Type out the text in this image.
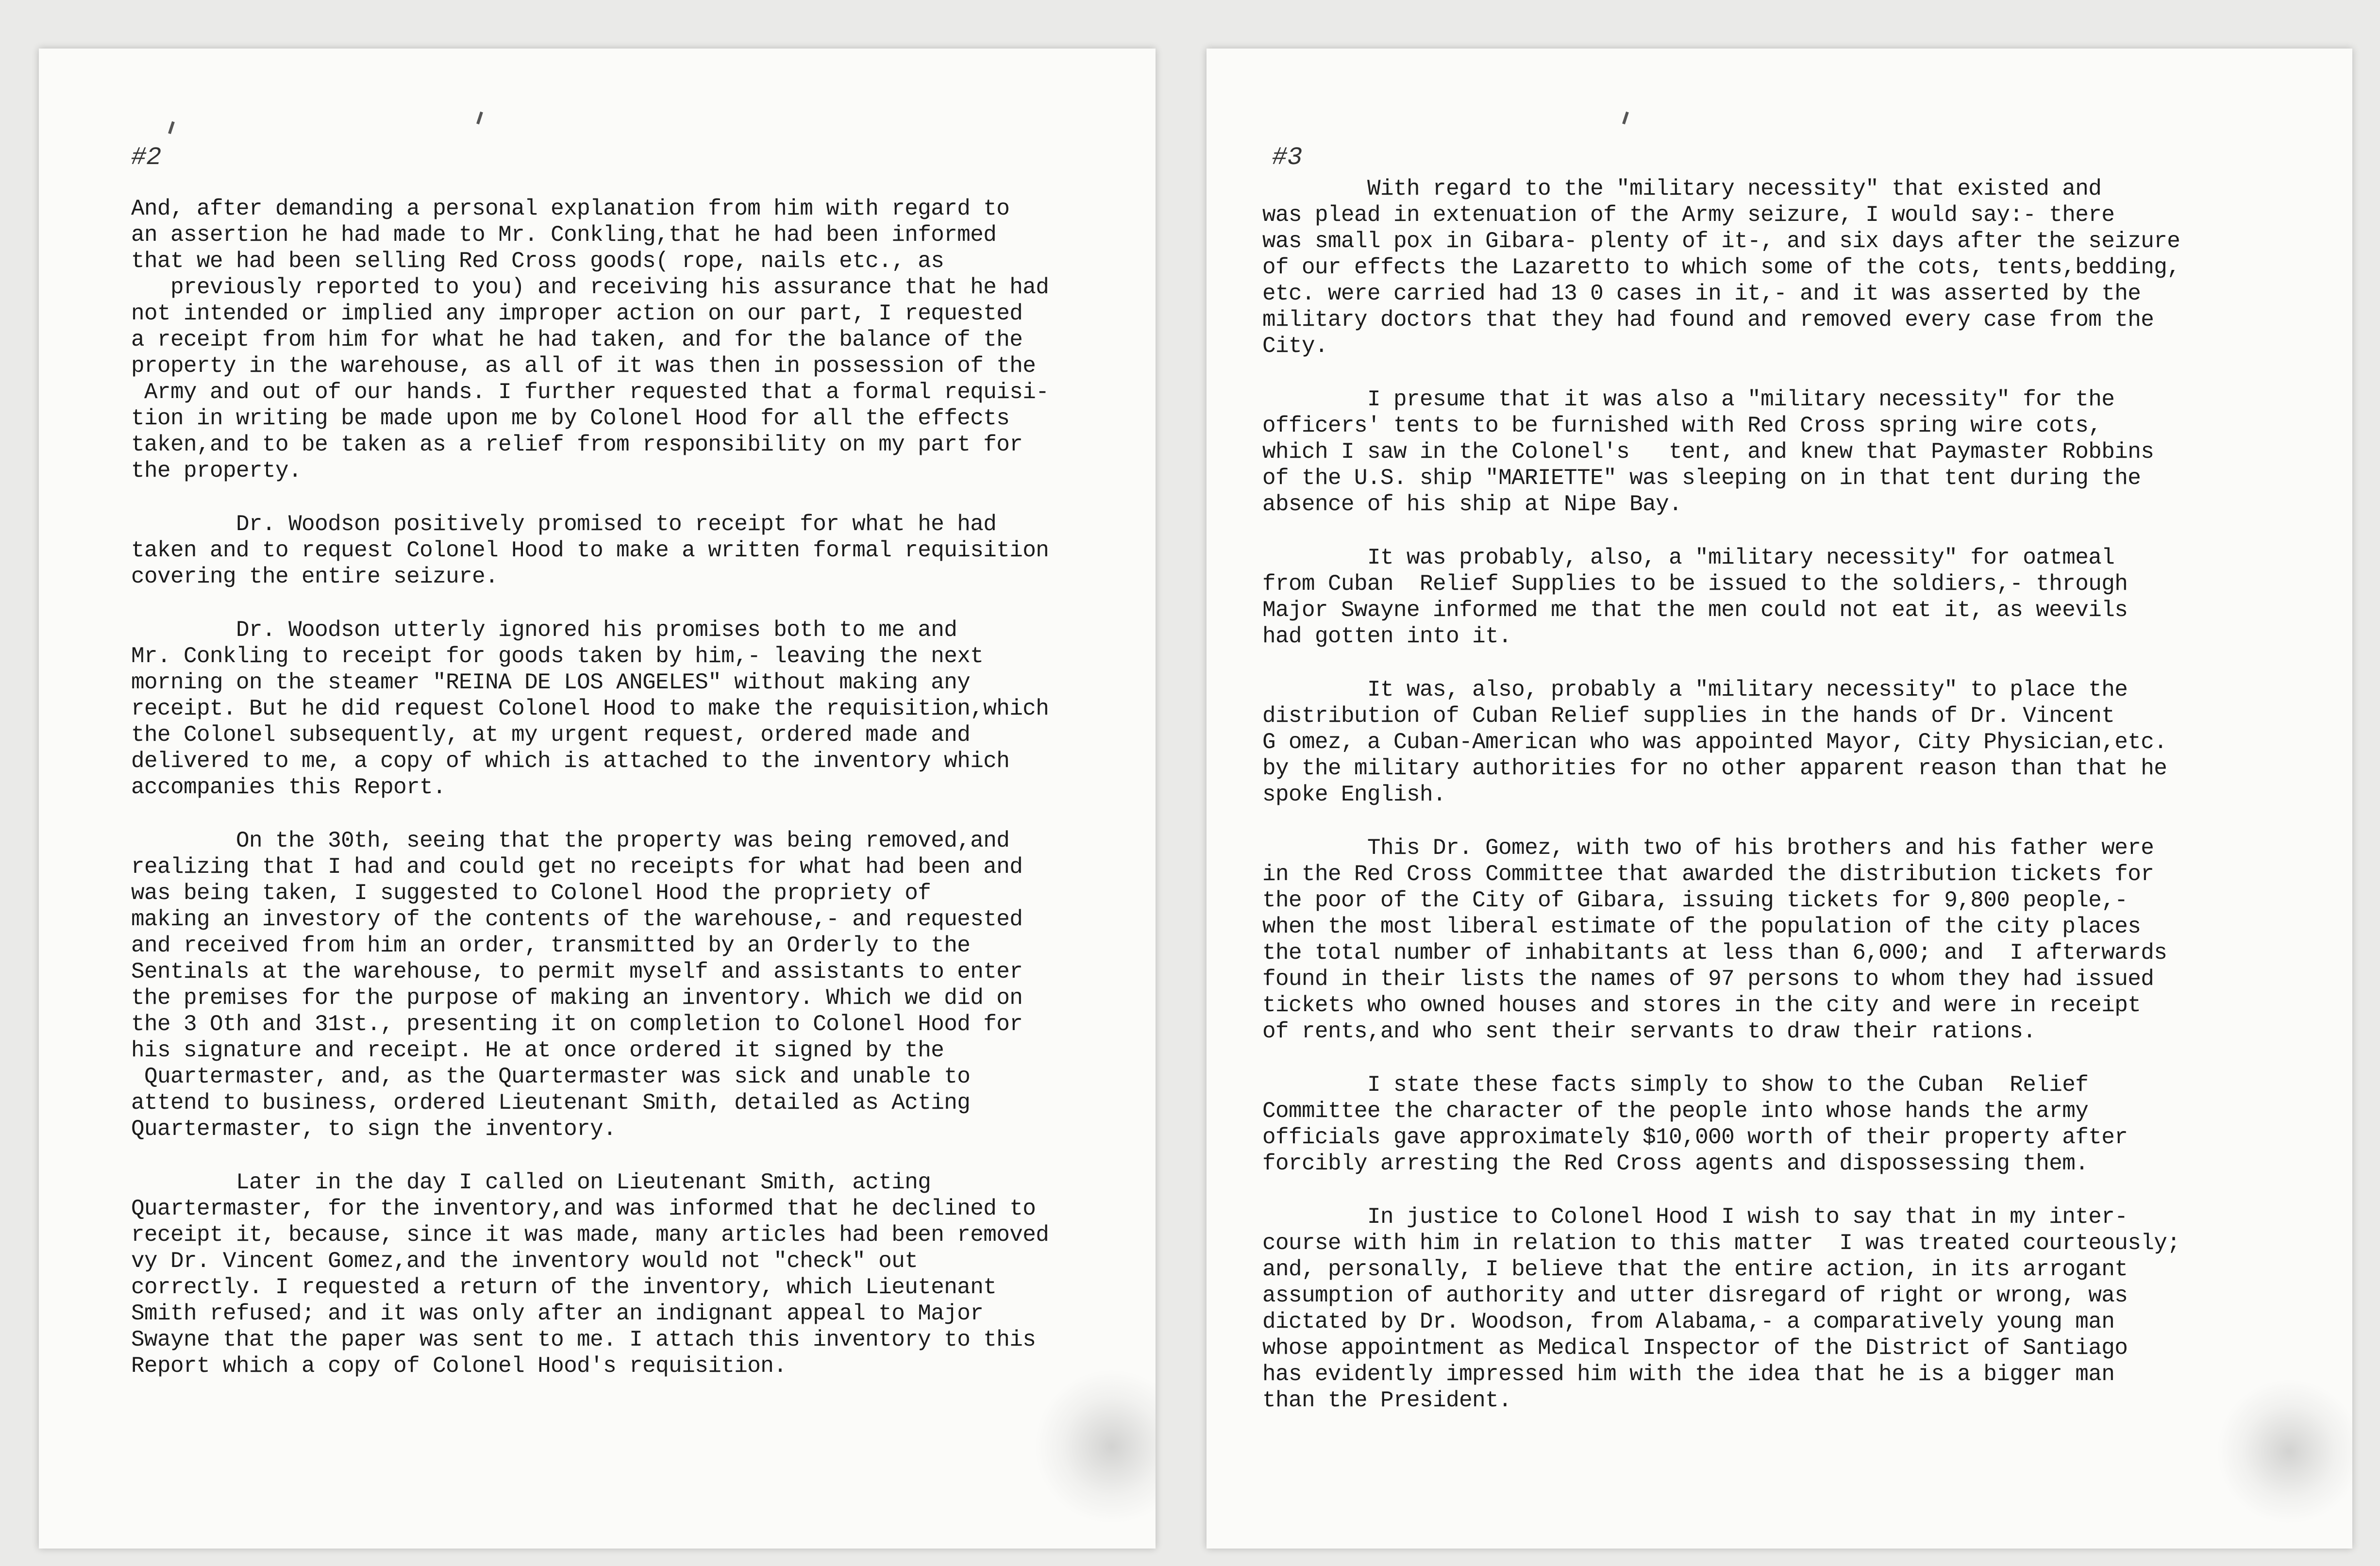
#2
And, after demanding a personal explanation from him with regard to
an assertion he had made to Mr. Conkling,that he had been informed
that we had been selling Red Cross goods( rope, nails etc., as
previously reported to you) and receiving his assurance that he had
not intended or implied any improper action on our part, I requested
a receipt from him for what he had taken, and for the balance of the
property in the warehouse, as all of it was then in possession of the
Army and out of our hands. I further requested that a formal requisi-
tion in writing be made upon me by Colonel Hood for all the effects
taken,and to be taken as a relief from responsibility on my part for
the property.
Dr. Woodson positively promised to receipt for what he had
taken and to request Colonel Hood to make a written formal requisition
covering the entire seizure.
Dr. Woodson utterly ignored his promises both to me and
Mr. Conkling to receipt for goods taken by him,- leaving the next
morning on the steamer "REINA DE LOS ANGELES" without making any
receipt. But he did request Colonel Hood to make the requisition,which
the Colonel subsequently, at my urgent request, ordered made and
delivered to me, a copy of which is attached to the inventory which
accompanies this Report.
On the 30th, seeing that the property was being removed,and
realizing that I had and could get no receipts for what had been and
was being taken, I suggested to Colonel Hood the propriety of
making an investory of the contents of the warehouse,- and requested
and received from him an order, transmitted by an Orderly to the
Sentinals at the warehouse, to permit myself and assistants to enter
the premises for the purpose of making an inventory. Which we did on
the 3 Oth and 31st., presenting it on completion to Colonel Hood for
his signature and receipt. He at once ordered it signed by the
Quartermaster, and, as the Quartermaster was sick and unable to
attend to business, ordered Lieutenant Smith, detailed as Acting
Quartermaster, to sign the inventory.
Later in the day I called on Lieutenant Smith, acting
Quartermaster, for the inventory,and was informed that he declined to
receipt it, because, since it was made, many articles had been removed
vy Dr. Vincent Gomez,and the inventory would not "check" out
correctly. I requested a return of the inventory, which Lieutenant
Smith refused; and it was only after an indignant appeal to Major
Swayne that the paper was sent to me. I attach this inventory to this
Report which a copy of Colonel Hood's requisition.
#3
With regard to the "military necessity" that existed and
was plead in extenuation of the Army seizure, I would say:- there
was small pox in Gibara- plenty of it-, and six days after the seizure
of our effects the Lazaretto to which some of the cots, tents,bedding,
etc. were carried had 13 0 cases in it,- and it was asserted by the
military doctors that they had found and removed every case from the
City.
I presume that it was also a "military necessity" for the
officers' tents to be furnished with Red Cross spring wire cots,
which I saw in the Colonel's   tent, and knew that Paymaster Robbins
of the U.S. ship "MARIETTE" was sleeping on in that tent during the
absence of his ship at Nipe Bay.
It was probably, also, a "military necessity" for oatmeal
from Cuban  Relief Supplies to be issued to the soldiers,- through
Major Swayne informed me that the men could not eat it, as weevils
had gotten into it.
It was, also, probably a "military necessity" to place the
distribution of Cuban Relief supplies in the hands of Dr. Vincent
G omez, a Cuban-American who was appointed Mayor, City Physician,etc.
by the military authorities for no other apparent reason than that he
spoke English.
This Dr. Gomez, with two of his brothers and his father were
in the Red Cross Committee that awarded the distribution tickets for
the poor of the City of Gibara, issuing tickets for 9,800 people,-
when the most liberal estimate of the population of the city places
the total number of inhabitants at less than 6,000; and  I afterwards
found in their lists the names of 97 persons to whom they had issued
tickets who owned houses and stores in the city and were in receipt
of rents,and who sent their servants to draw their rations.
I state these facts simply to show to the Cuban  Relief
Committee the character of the people into whose hands the army
officials gave approximately $10,000 worth of their property after
forcibly arresting the Red Cross agents and dispossessing them.
In justice to Colonel Hood I wish to say that in my inter-
course with him in relation to this matter  I was treated courteously;
and, personally, I believe that the entire action, in its arrogant
assumption of authority and utter disregard of right or wrong, was
dictated by Dr. Woodson, from Alabama,- a comparatively young man
whose appointment as Medical Inspector of the District of Santiago
has evidently impressed him with the idea that he is a bigger man
than the President.
